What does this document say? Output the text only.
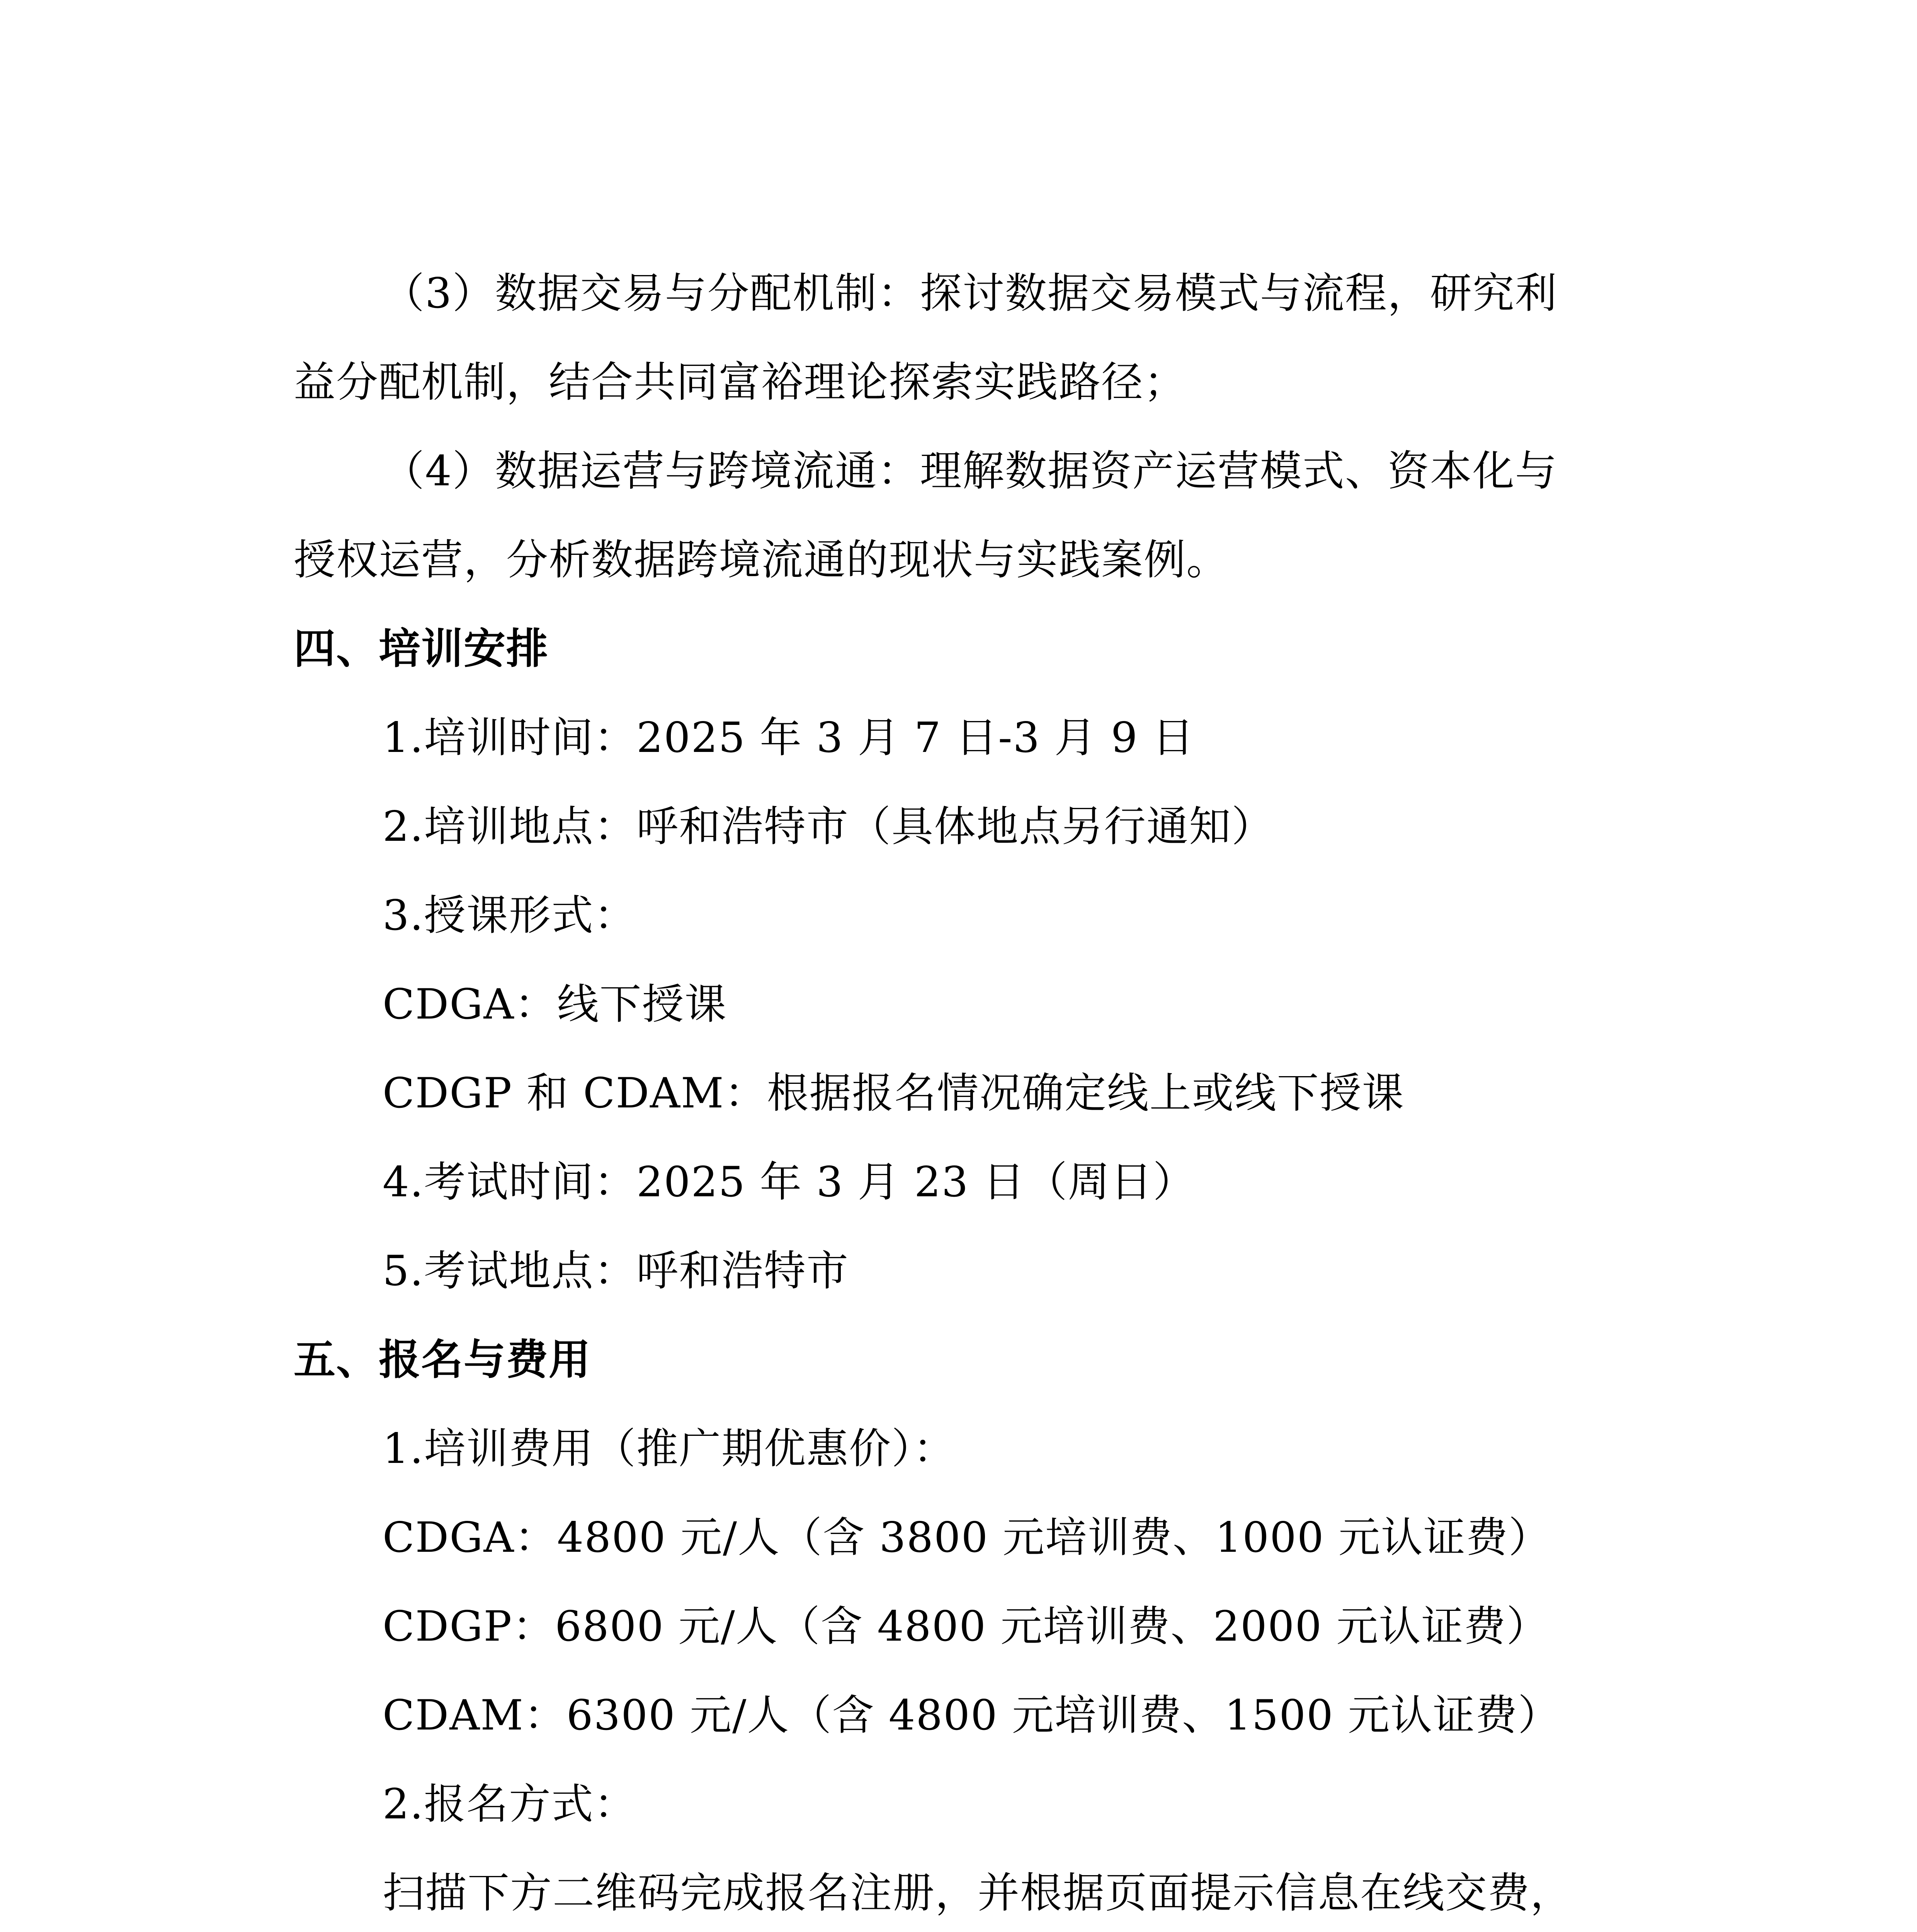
（3）数据交易与分配机制：探讨数据交易模式与流程，研究利
益分配机制，结合共同富裕理论探索实践路径；
（4）数据运营与跨境流通：理解数据资产运营模式、资本化与
授权运营，分析数据跨境流通的现状与实践案例。
四、培训安排
1.培训时间：2025 年 3 月 7 日-3 月 9 日
2.培训地点：呼和浩特市（具体地点另行通知）
3.授课形式：
CDGA：线下授课
CDGP 和 CDAM：根据报名情况确定线上或线下授课
4.考试时间：2025 年 3 月 23 日（周日）
5.考试地点：呼和浩特市
五、报名与费用
1.培训费用（推广期优惠价）：
CDGA：4800 元/人（含 3800 元培训费、1000 元认证费）
CDGP：6800 元/人（含 4800 元培训费、2000 元认证费）
CDAM：6300 元/人（含 4800 元培训费、1500 元认证费）
2.报名方式：
扫描下方二维码完成报名注册，并根据页面提示信息在线交费，
